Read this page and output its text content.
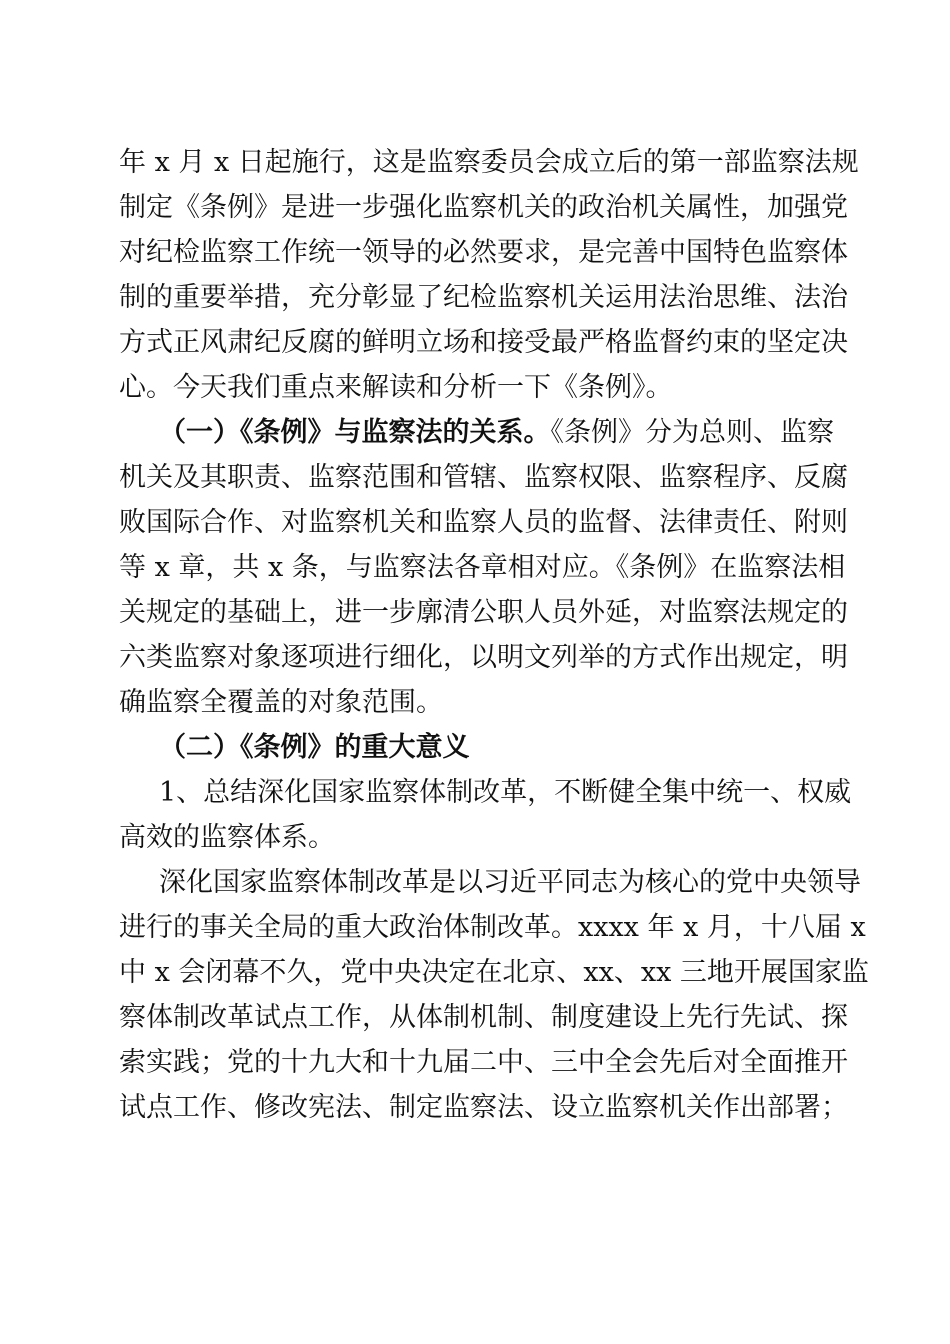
年 x 月 x 日起施行，这是监察委员会成立后的第一部监察法规
制定《条例》是进一步强化监察机关的政治机关属性，加强党
对纪检监察工作统一领导的必然要求，是完善中国特色监察体
制的重要举措，充分彰显了纪检监察机关运用法治思维、法治
方式正风肃纪反腐的鲜明立场和接受最严格监督约束的坚定决
心。今天我们重点来解读和分析一下《条例》。
（一）《条例》与监察法的关系。《条例》分为总则、监察
机关及其职责、监察范围和管辖、监察权限、监察程序、反腐
败国际合作、对监察机关和监察人员的监督、法律责任、附则
等 x 章，共 x 条，与监察法各章相对应。《条例》在监察法相
关规定的基础上，进一步廓清公职人员外延，对监察法规定的
六类监察对象逐项进行细化，以明文列举的方式作出规定，明
确监察全覆盖的对象范围。
（二）《条例》的重大意义
1、总结深化国家监察体制改革，不断健全集中统一、权威
高效的监察体系。
深化国家监察体制改革是以习近平同志为核心的党中央领导
进行的事关全局的重大政治体制改革。xxxx 年 x 月，十八届 x
中 x 会闭幕不久，党中央决定在北京、xx、xx 三地开展国家监
察体制改革试点工作，从体制机制、制度建设上先行先试、探
索实践；党的十九大和十九届二中、三中全会先后对全面推开
试点工作、修改宪法、制定监察法、设立监察机关作出部署；
